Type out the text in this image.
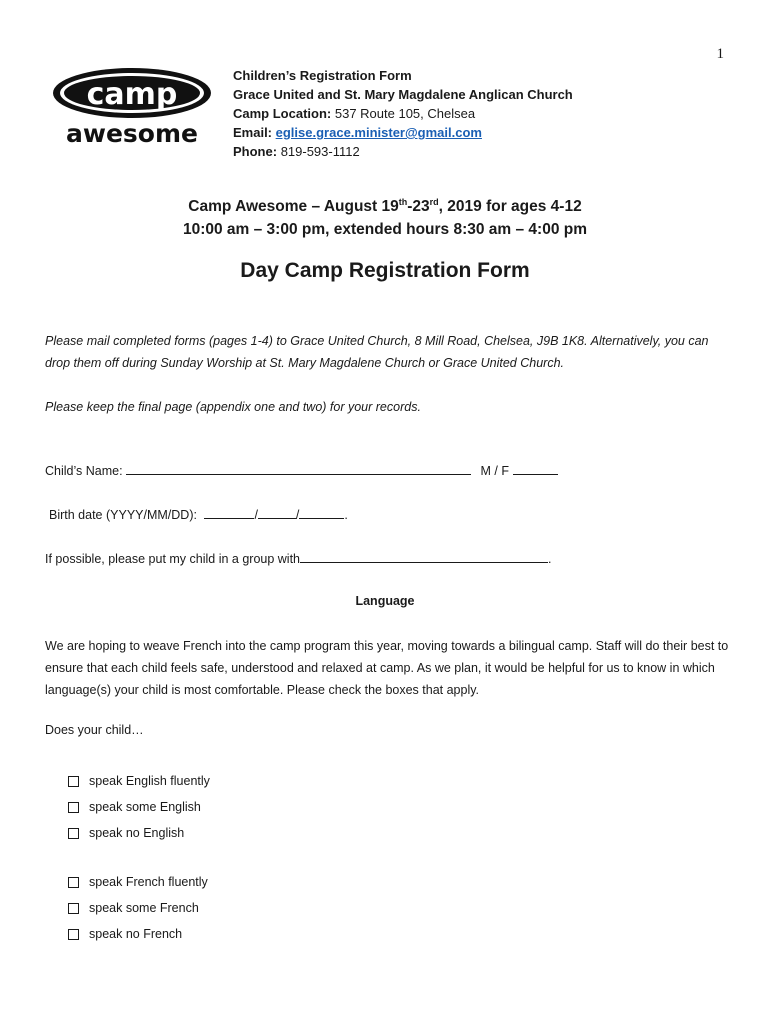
1
camp
awesome
Children’s Registration Form
Grace United and St. Mary Magdalene Anglican Church
Camp Location: 537 Route 105, Chelsea
Email: eglise.grace.minister@gmail.com
Phone: 819-593-1112
Camp Awesome – August 19th-23rd, 2019 for ages 4-12
10:00 am – 3:00 pm, extended hours 8:30 am – 4:00 pm
Day Camp Registration Form

Please mail completed forms (pages 1-4) to Grace United Church, 8 Mill Road, Chelsea, J9B 1K8. Alternatively, you can drop them off during Sunday Worship at St. Mary Magdalene Church or Grace United Church.

Please keep the final page (appendix one and two) for your records.

Child’s Name:	M / F
Birth date (YYYY/MM/DD):	/	/	.
If possible, please put my child in a group with	.
Language
We are hoping to weave French into the camp program this year, moving towards a bilingual camp. Staff will do their best to ensure that each child feels safe, understood and relaxed at camp. As we plan, it would be helpful for us to know in which language(s) your child is most comfortable. Please check the boxes that apply.
Does your child…
speak English fluently
speak some English
speak no English
speak French fluently
speak some French
speak no French
